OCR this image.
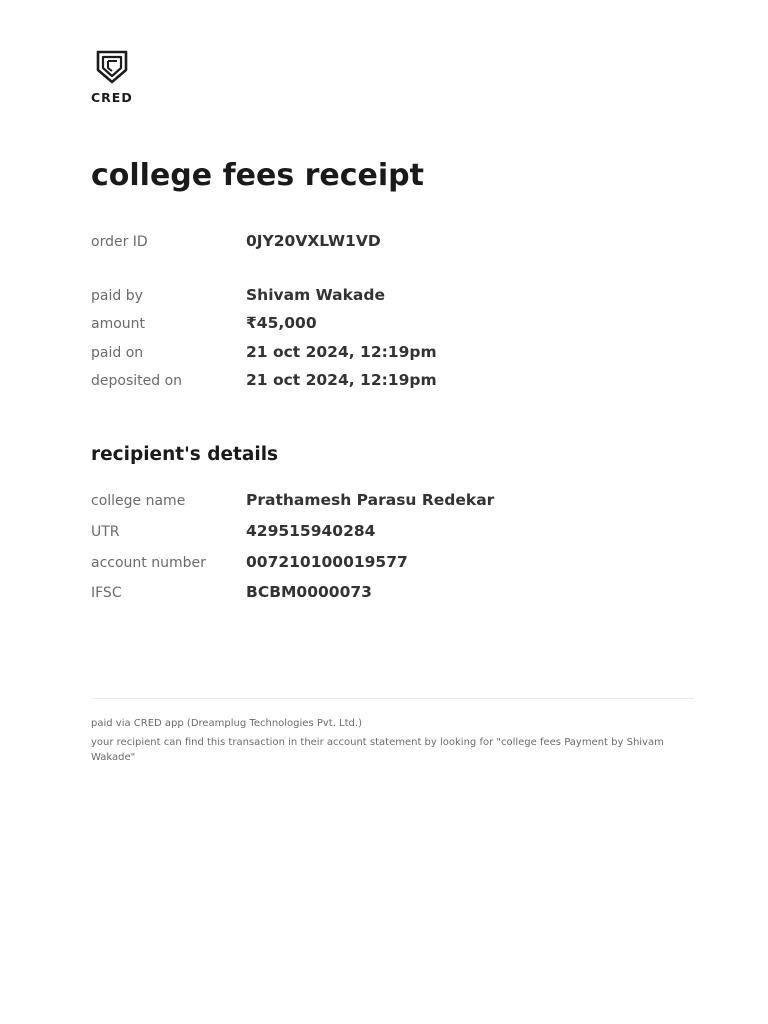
CRED
college fees receipt
order ID	0JY20VXLW1VD
paid by	Shivam Wakade
amount	₹45,000
paid on	21 oct 2024, 12:19pm
deposited on	21 oct 2024, 12:19pm
recipient's details
college name	Prathamesh Parasu Redekar
UTR	429515940284
account number	007210100019577
IFSC	BCBM0000073
paid via CRED app (Dreamplug Technologies Pvt. Ltd.)
your recipient can find this transaction in their account statement by looking for "college fees Payment by Shivam Wakade"
